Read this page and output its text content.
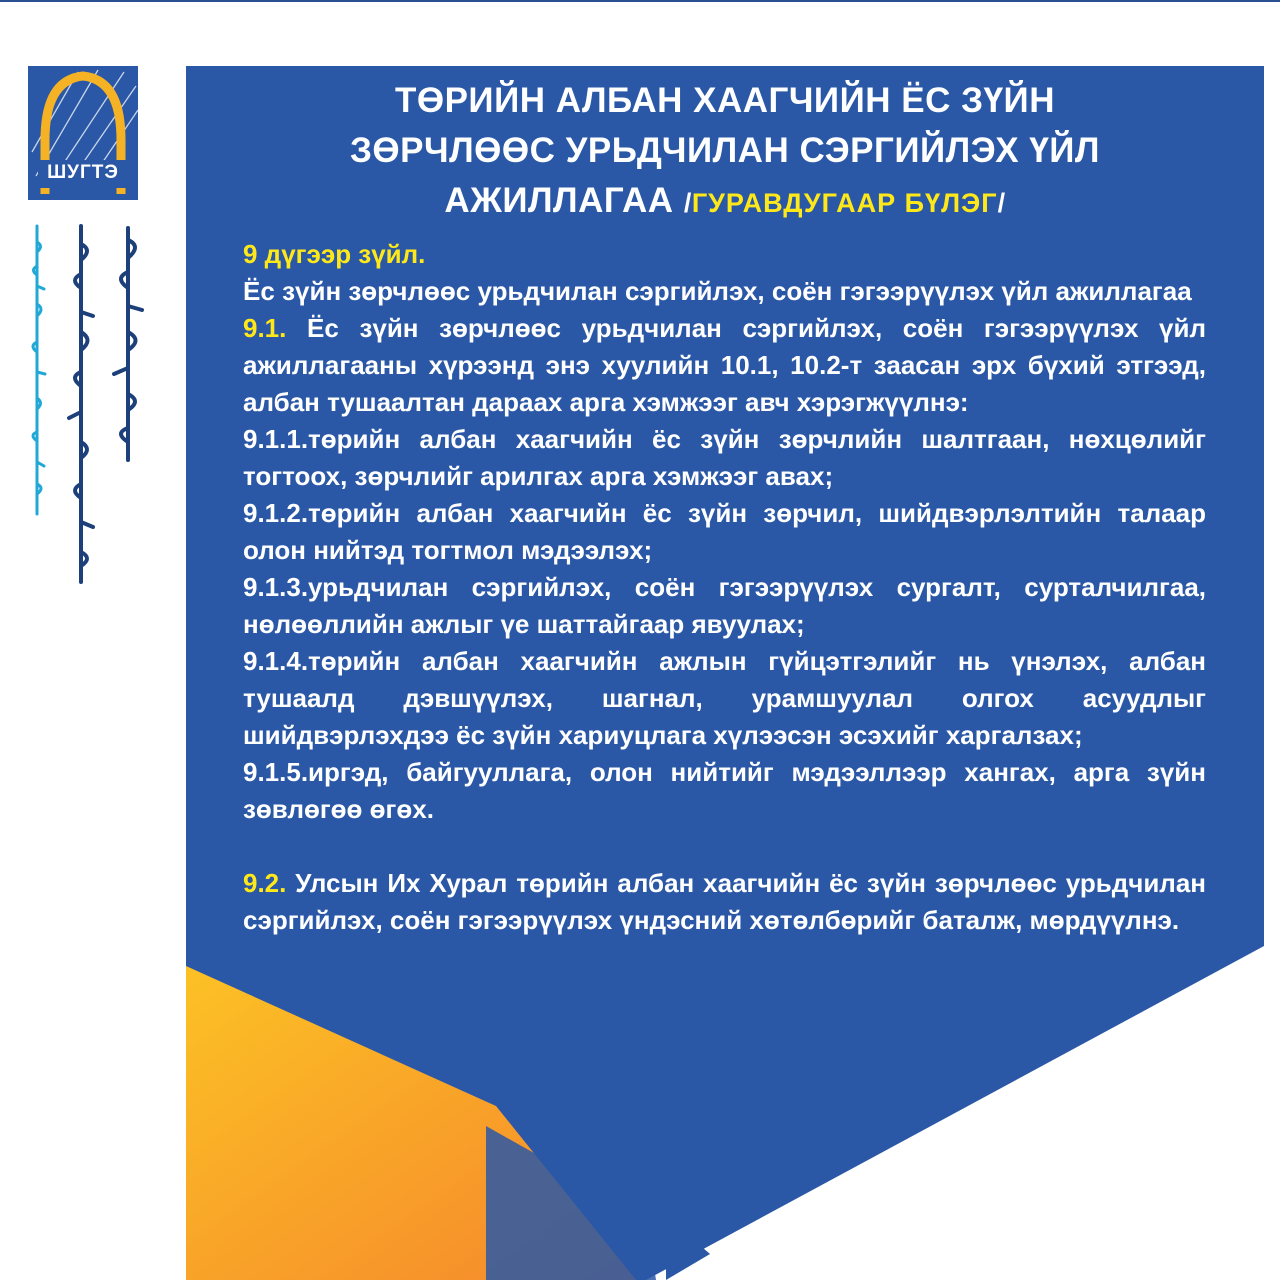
ШУГТЭ
ТӨРИЙН АЛБАН ХААГЧИЙН ЁС ЗҮЙН
ЗӨРЧЛӨӨС УРЬДЧИЛАН СЭРГИЙЛЭХ ҮЙЛ
АЖИЛЛАГАА /ГУРАВДУГААР БҮЛЭГ/

9 дүгээр зүйл.

Ёс зүйн зөрчлөөс урьдчилан сэргийлэх, соён гэгээрүүлэх үйл ажиллагаа

9.1. Ёс зүйн зөрчлөөс урьдчилан сэргийлэх, соён гэгээрүүлэх үйл ажиллагааны хүрээнд энэ хуулийн 10.1, 10.2-т заасан эрх бүхий этгээд, албан тушаалтан дараах арга хэмжээг авч хэрэгжүүлнэ:

9.1.1.төрийн албан хаагчийн ёс зүйн зөрчлийн шалтгаан, нөхцөлийг тогтоох, зөрчлийг арилгах арга хэмжээг авах;

9.1.2.төрийн албан хаагчийн ёс зүйн зөрчил, шийдвэрлэлтийн талаар олон нийтэд тогтмол мэдээлэх;

9.1.3.урьдчилан сэргийлэх, соён гэгээрүүлэх сургалт, сурталчилгаа, нөлөөллийн ажлыг үе шаттайгаар явуулах;

9.1.4.төрийн албан хаагчийн ажлын гүйцэтгэлийг нь үнэлэх, албан тушаалд дэвшүүлэх, шагнал, урамшуулал олгох асуудлыг шийдвэрлэхдээ ёс зүйн хариуцлага хүлээсэн эсэхийг харгалзах;

9.1.5.иргэд, байгууллага, олон нийтийг мэдээллээр хангах, арга зүйн зөвлөгөө өгөх.

9.2. Улсын Их Хурал төрийн албан хаагчийн ёс зүйн зөрчлөөс урьдчилан сэргийлэх, соён гэгээрүүлэх үндэсний хөтөлбөрийг баталж, мөрдүүлнэ.
